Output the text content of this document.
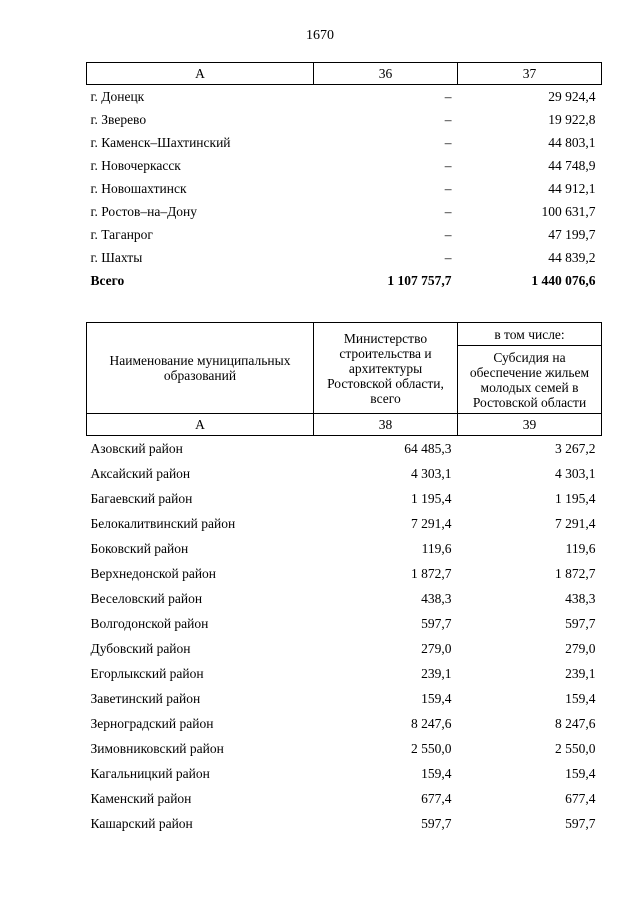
1670
А	36	37
г. Донецк	–	29 924,4
г. Зверево	–	19 922,8
г. Каменск–Шахтинский	–	44 803,1
г. Новочеркасск	–	44 748,9
г. Новошахтинск	–	44 912,1
г. Ростов–на–Дону	–	100 631,7
г. Таганрог	–	47 199,7
г. Шахты	–	44 839,2
Всего	1 107 757,7	1 440 076,6
Наименование муниципальных образований	Министерство строительства и архитектуры Ростовской области, всего	в том числе:
		Субсидия на обеспечение жильем молодых семей в Ростовской области
А	38	39
Азовский район	64 485,3	3 267,2
Аксайский район	4 303,1	4 303,1
Багаевский район	1 195,4	1 195,4
Белокалитвинский район	7 291,4	7 291,4
Боковский район	119,6	119,6
Верхнедонской район	1 872,7	1 872,7
Веселовский район	438,3	438,3
Волгодонской район	597,7	597,7
Дубовский район	279,0	279,0
Егорлыкский район	239,1	239,1
Заветинский район	159,4	159,4
Зерноградский район	8 247,6	8 247,6
Зимовниковский район	2 550,0	2 550,0
Кагальницкий район	159,4	159,4
Каменский район	677,4	677,4
Кашарский район	597,7	597,7
